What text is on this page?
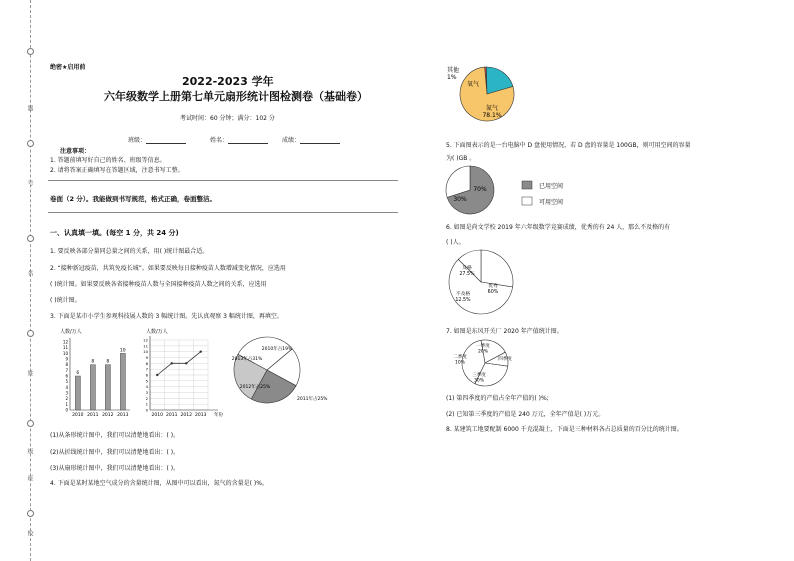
题
号
名
姓
级
班
校
绝密★启用前
2022-2023 学年
六年级数学上册第七单元扇形统计图检测卷（基础卷）
考试时间：60 分钟；满分：102 分
班级：	姓名：	成绩：
注意事项：
1. 答题前填写好自己的姓名、班级等信息。
2. 请将答案正确填写在答题区域，注意书写工整。
卷面（2 分）。我能做到书写规范，格式正确，卷面整洁。
一、认真填一填。(每空 1 分，共 24 分)
1. 要反映各部分量同总量之间的关系，用( )统计图最合适。
2. “接种新冠疫苗，共筑免疫长城”。如果要反映每日接种疫苗人数增减变化情况，应选用
( )统计图。如果要反映各省接种疫苗人数与全国接种疫苗人数之间的关系，应选用
( )统计图。
3. 下面是某市小学生参观科技展人数的 3 幅统计图。先认真观察 3 幅统计图，再填空。
人数/万人
0
1
2
3
4
5
6
7
8
9
10
11
12
6
2010
8
2011
8
2012
10
2013
人数/万人
0
1
2
3
4
5
6
7
8
9
10
11
12
2010 2011 2012 2013 年份
2010年占19%
2011年占25%
2012年占25%
2013年占31%
(1)从条形统计图中，我们可以清楚地看出：( )。
(2)从折线统计图中，我们可以清楚地看出：( )。
(3)从扇形统计图中，我们可以清楚地看出：( )。
4. 下面是某时某地空气成分的含量统计图，从图中可以看出，氮气的含量是( )%。
其他
1%
氧气
氮气
78.1%
5. 下面图表示的是一台电脑中 D 盘使用情况，若 D 盘的容量是 100GB，则可用空间的容量
为( )GB 。
70%
30%
已用空间
可用空间
6. 如图是尚文学校 2019 年六年级数学竞赛成绩，优秀的有 24 人，那么不及格的有
( )人。
及格
27.5%
优秀
60%
不及格
12.5%
7. 如图是东风开关厂 2020 年产值统计图。
一季度
20%
二季度
10%
三季度
30%
四季度
(1) 第四季度的产值占全年产值的( )%;
(2) 已知第三季度的产值是 240 万元，全年产值是( )万元。
8. 某建筑工地要配制 6000 千克混凝土，下面是三种材料各占总质量的百分比的统计图。
